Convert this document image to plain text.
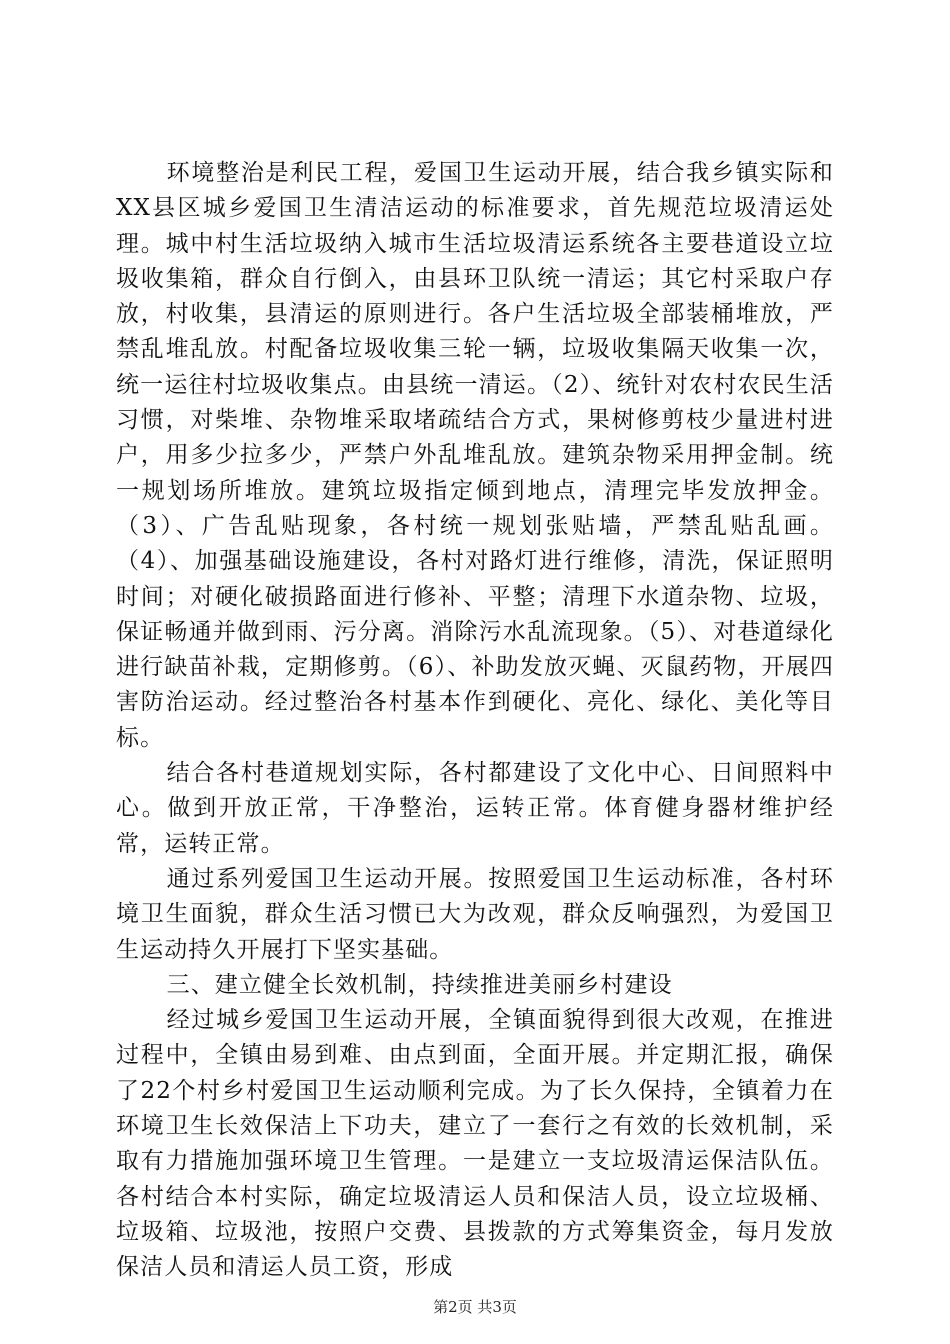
环境整治是利民工程，爱国卫生运动开展，结合我乡镇实际和XX县区城乡爱国卫生清洁运动的标准要求，首先规范垃圾清运处理。城中村生活垃圾纳入城市生活垃圾清运系统各主要巷道设立垃圾收集箱，群众自行倒入，由县环卫队统一清运；其它村采取户存放，村收集，县清运的原则进行。各户生活垃圾全部装桶堆放，严禁乱堆乱放。村配备垃圾收集三轮一辆，垃圾收集隔天收集一次，统一运往村垃圾收集点。由县统一清运。（2）、统针对农村农民生活习惯，对柴堆、杂物堆采取堵疏结合方式，果树修剪枝少量进村进户，用多少拉多少，严禁户外乱堆乱放。建筑杂物采用押金制。统一规划场所堆放。建筑垃圾指定倾到地点，清理完毕发放押金。（3）、广告乱贴现象，各村统一规划张贴墙，严禁乱贴乱画。（4）、加强基础设施建设，各村对路灯进行维修，清洗，保证照明时间；对硬化破损路面进行修补、平整；清理下水道杂物、垃圾，保证畅通并做到雨、污分离。消除污水乱流现象。（5）、对巷道绿化进行缺苗补栽，定期修剪。（6）、补助发放灭蝇、灭鼠药物，开展四害防治运动。经过整治各村基本作到硬化、亮化、绿化、美化等目标。

结合各村巷道规划实际，各村都建设了文化中心、日间照料中心。做到开放正常，干净整治，运转正常。体育健身器材维护经常，运转正常。

通过系列爱国卫生运动开展。按照爱国卫生运动标准，各村环境卫生面貌，群众生活习惯已大为改观，群众反响强烈，为爱国卫生运动持久开展打下坚实基础。

三、建立健全长效机制，持续推进美丽乡村建设

经过城乡爱国卫生运动开展，全镇面貌得到很大改观，在推进过程中，全镇由易到难、由点到面，全面开展。并定期汇报，确保了22个村乡村爱国卫生运动顺利完成。为了长久保持，全镇着力在环境卫生长效保洁上下功夫，建立了一套行之有效的长效机制，采取有力措施加强环境卫生管理。一是建立一支垃圾清运保洁队伍。各村结合本村实际，确定垃圾清运人员和保洁人员，设立垃圾桶、垃圾箱、垃圾池，按照户交费、县拨款的方式筹集资金，每月发放保洁人员和清运人员工资，形成

第2页 共3页
